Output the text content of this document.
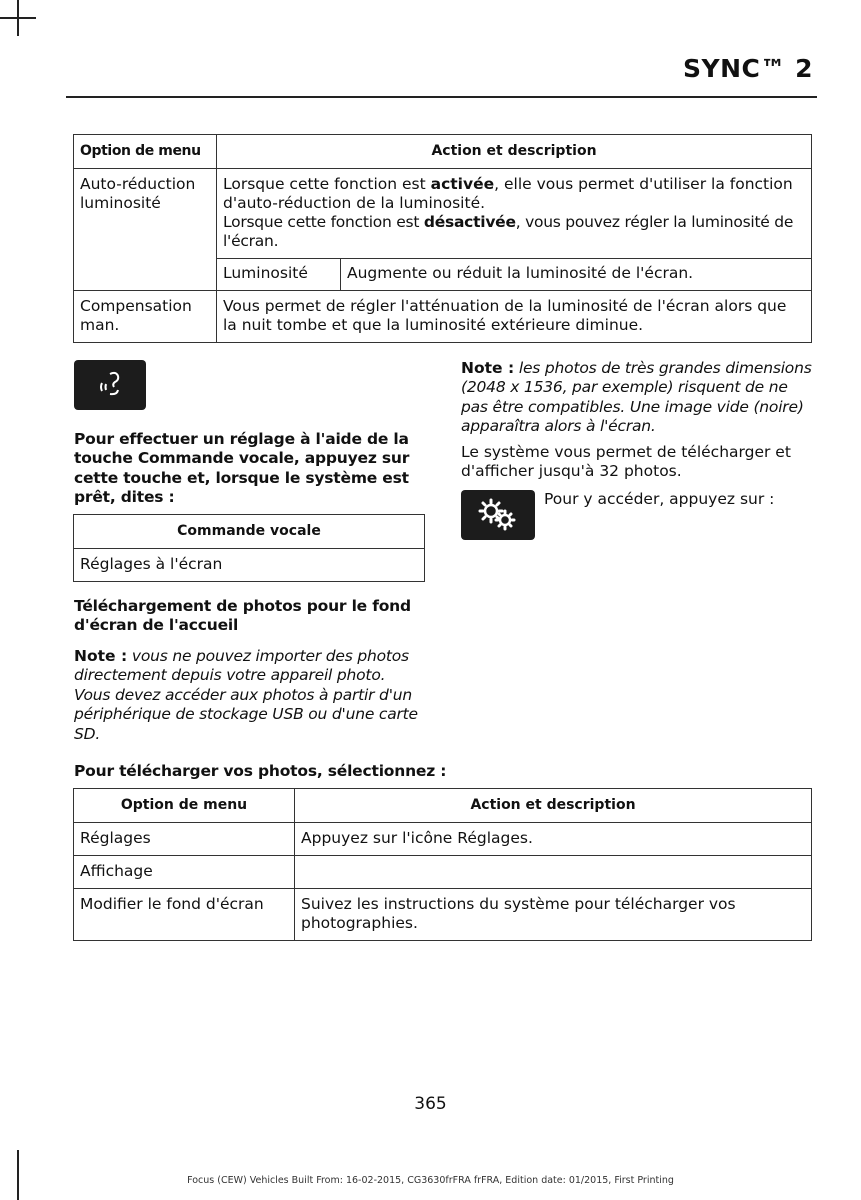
SYNC™ 2
Option de menu	Action et description	
Auto-réduction luminosité	Lorsque cette fonction est activée, elle vous permet d'utiliser la fonction d'auto-réduction de la luminosité.
Lorsque cette fonction est désactivée, vous pouvez régler la luminosité de l'écran.	

	Luminosité	Augmente ou réduit la luminosité de l'écran.
Compensation man.	Vous permet de régler l'atténuation de la luminosité de l'écran alors que la nuit tombe et que la luminosité extérieure diminue.	
Pour effectuer un réglage à l'aide de la touche Commande vocale, appuyez sur cette touche et, lorsque le système est prêt, dites :
Commande vocale
Réglages à l'écran
Téléchargement de photos pour le fond d'écran de l'accueil
Note : vous ne pouvez importer des photos directement depuis votre appareil photo. Vous devez accéder aux photos à partir d'un périphérique de stockage USB ou d'une carte SD.
Note : les photos de très grandes dimensions (2048 x 1536, par exemple) risquent de ne pas être compatibles. Une image vide (noire) apparaîtra alors à l'écran.
Le système vous permet de télécharger et d'afficher jusqu'à 32 photos.
Pour y accéder, appuyez sur :
Pour télécharger vos photos, sélectionnez :
Option de menu	Action et description
Réglages	Appuyez sur l'icône Réglages.
Affichage	
Modifier le fond d'écran	Suivez les instructions du système pour télécharger vos photographies.
365
Focus (CEW) Vehicles Built From: 16-02-2015, CG3630frFRA frFRA, Edition date: 01/2015, First Printing
